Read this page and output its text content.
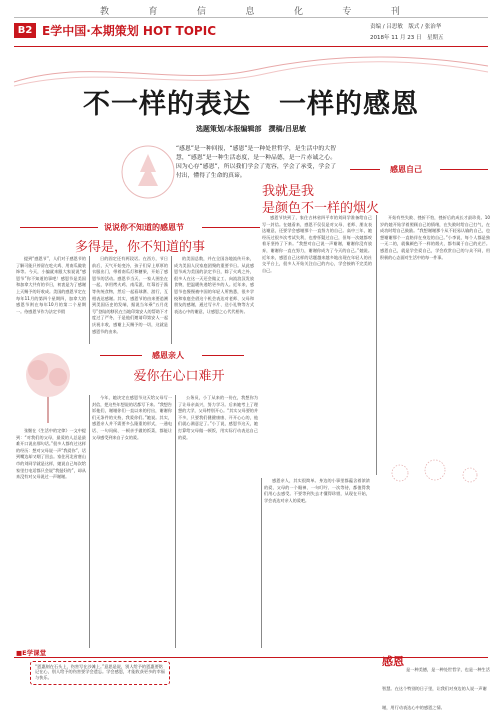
教	育	信	息	化	专	刊
B2 E学中国·本期策划 HOT TOPIC	责编 / 吕思敏　版式 / 张治华
2018年 11 月 23 日　星期五
不一样的表达　一样的感恩
选题策划/本报编辑部　撰稿/吕思敏
“感恩”是一种回报，“感恩”是一种处世哲学，是生活中的大智慧，“感恩”是一种生活态度，是一种品德，是一片赤诚之心。因为心存“感恩”，所以我们学会了宽容，学会了承受，学会了付出，懂得了生命的真谛。
感恩自己
我就是我
是颜色不一样的烟火
说说你不知道的感恩节
多得是，你不知道的事
提到“感恩节”，人们对于感恩节的了解可能只停留在吃火鸡、用南瓜做装饰等。今天，小编就来跟大家说说“感恩节”你不知道的事吧！感恩节是美国和加拿大共有的节日，初衷是为了感谢上天赐予的好收成。美国的感恩节定在每年11月的第四个星期四，加拿大的感恩节则在每年10月的第二个星期一。待感恩节作为法定节假
日的固定还有两段话。在西方，节日前后，天气开始变冷，孩子们穿上厚厚的衣服出门，带着南瓜灯和糖果，开始了感恩节的活动。感恩节当天，一家人围坐在一起，享用烤火鸡、南瓜派、红莓苔子酱等传统食物，然后一起看球赛、游行，互相表达感谢。其实，感恩节的由来要追溯到美国历史的发端，据说当年乘“五月花号”登陆的移民在当地印第安人的帮助下才度过了严冬，于是他们邀请印第安人一起庆祝丰收，感谢上天赐予的一切，这就是感恩节的由来。
的美国总数，并在全国各地流传开来，成为美国人民家庭团聚的重要节日。从此感恩节成为美国的法定节日，除了火鸡之外，很多人在这一天还会做义工、向流浪汉发放食物，把温暖传递给更多的人。近年来，感恩节也慢慢被中国的年轻人所熟悉，很多学校和家庭会借这个机会表达对老师、父母和朋友的感谢，通过写卡片、送小礼物等方式表达心中的谢意，让感恩之心代代相传。
感恩节快到了，家住吉林省四平市的刘同学准备给自己写一封信。在她看来，感恩不仅仅是对父母、老师、朋友表达谢意，还要学会感谢那个一直努力的自己。高中三年，她经历过很多次考试失利，也曾怀疑过自己，但每一次她都咬着牙坚持了下来。“我想对自己说一声谢谢，谢谢你没有放弃，谢谢你一直在努力，谢谢你成为了今天的自己。”她说。近年来，感恩自己这样的话题越来越多地出现在年轻人的社交平台上，很多人开始关注自己的内心，学会接纳不完美的自己。
开始有些失败、挫折不怕，挫折后的成长才最珍贵。10岁的她开始学着照顾自己的情绪，在失败时给自己打气，在成功时给自己鼓励。“我想谢谢那个从不轻易认输的自己，也想谢谢那个一直陪伴在身边的自己。”小李说，每个人都是独一无二的，就像颜色不一样的烟火，都有属于自己的光芒。感恩自己，就是学会爱自己，学会欣赏自己的与众不同，用积极的心态面对生活中的每一件事。
感恩亲人
爱你在心口难开
张继在《生活中的定律》一文中提到：“对我们的父母，最爱的人总是最难开口说出那句话。”很多人都有过这样的经历：想对父母说一声“我爱你”，话到嘴边却又咽了回去。家住河北省唐山市的刘同学就是这样，她说自己每次给家里打电话都只会说“我挺好的”，却从来没有对父母说过一声谢谢。
今年，她决定在感恩节这天给父母写一封信，把这些年想说的话都写下来。“我想告诉他们，谢谢你们一直以来的付出，谢谢你们无条件的支持，我爱你们。”她说。其实，感恩亲人并不需要多么隆重的形式，一通电话、一句问候、一顿亲手做的饭菜，都能让父母感受到来自子女的爱。
公务员，小丁从来的一份在，我想你为了让母亲高兴，努力学习。后来她考上了理想的大学，父母特别开心。“其实父母要的并不多，只要我们健健康康、开开心心的，他们就心满意足了。”小丁说，感恩节这天，她打算给父母做一顿饭，用实际行动表达自己的爱。
感恩亲人，其实很简单。身边的小事里都蕴含着浓浓的爱，父母的一个眼神、一句叮咛、一次等待，都值得我们用心去感受。不要等到失去才懂得珍惜，从现在开始，学会表达对亲人的爱吧。
■E学课堂
“恩惠刻在石头上，伤害写在沙滩上。”意思是说，别人给予的恩惠要铭记在心，别人给予的伤害要学会遗忘。学会感恩，才能收获更多的幸福与快乐。
感恩
是一种美德，是一种处世哲学，也是一种生活智慧。在这个特别的日子里，让我们对身边的人说一声谢谢，用行动表达心中的感恩之情。
